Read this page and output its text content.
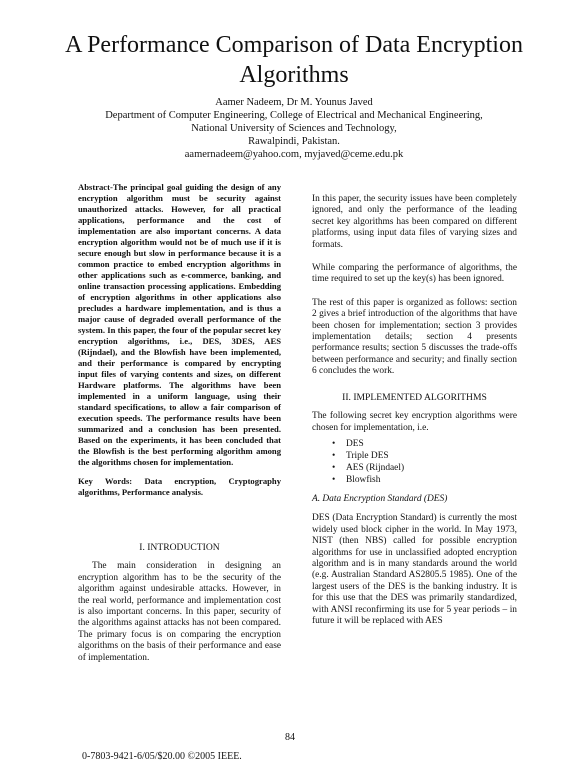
A Performance Comparison of Data Encryption Algorithms
Aamer Nadeem, Dr M. Younus Javed
Department of Computer Engineering, College of Electrical and Mechanical Engineering,
National University of Sciences and Technology,
Rawalpindi, Pakistan.
aamernadeem@yahoo.com, myjaved@ceme.edu.pk
Abstract-The principal goal guiding the design of any encryption algorithm must be security against unauthorized attacks. However, for all practical applications, performance and the cost of implementation are also important concerns. A data encryption algorithm would not be of much use if it is secure enough but slow in performance because it is a common practice to embed encryption algorithms in other applications such as e-commerce, banking, and online transaction processing applications. Embedding of encryption algorithms in other applications also precludes a hardware implementation, and is thus a major cause of degraded overall performance of the system. In this paper, the four of the popular secret key encryption algorithms, i.e., DES, 3DES, AES (Rijndael), and the Blowfish have been implemented, and their performance is compared by encrypting input files of varying contents and sizes, on different Hardware platforms. The algorithms have been implemented in a uniform language, using their standard specifications, to allow a fair comparison of execution speeds. The performance results have been summarized and a conclusion has been presented. Based on the experiments, it has been concluded that the Blowfish is the best performing algorithm among the algorithms chosen for implementation.
Key Words: Data encryption, Cryptography algorithms, Performance analysis.
I. INTRODUCTION

The main consideration in designing an encryption algorithm has to be the security of the algorithm against undesirable attacks. However, in the real world, performance and implementation cost is also important concerns. In this paper, security of the algorithms against attacks has not been compared. The primary focus is on comparing the encryption algorithms on the basis of their performance and ease of implementation.

In this paper, the security issues have been completely ignored, and only the performance of the leading secret key algorithms has been compared on different platforms, using input data files of varying sizes and formats.

While comparing the performance of algorithms, the time required to set up the key(s) has been ignored.

The rest of this paper is organized as follows: section 2 gives a brief introduction of the algorithms that have been chosen for implementation; section 3 provides implementation details; section 4 presents performance results; section 5 discusses the trade-offs between performance and security; and finally section 6 concludes the work.

II. IMPLEMENTED ALGORITHMS

The following secret key encryption algorithms were chosen for implementation, i.e.

• DES
• Triple DES
• AES (Rijndael)
• Blowfish
A. Data Encryption Standard (DES)

DES (Data Encryption Standard) is currently the most widely used block cipher in the world. In May 1973, NIST (then NBS) called for possible encryption algorithms for use in unclassified adopted encryption algorithm and is in many standards around the world (e.g. Australian Standard AS2805.5 1985). One of the largest users of the DES is the banking industry. It is for this use that the DES was primarily standardized, with ANSI reconfirming its use for 5 year periods – in future it will be replaced with AES

84
0-7803-9421-6/05/$20.00 ©2005 IEEE.
